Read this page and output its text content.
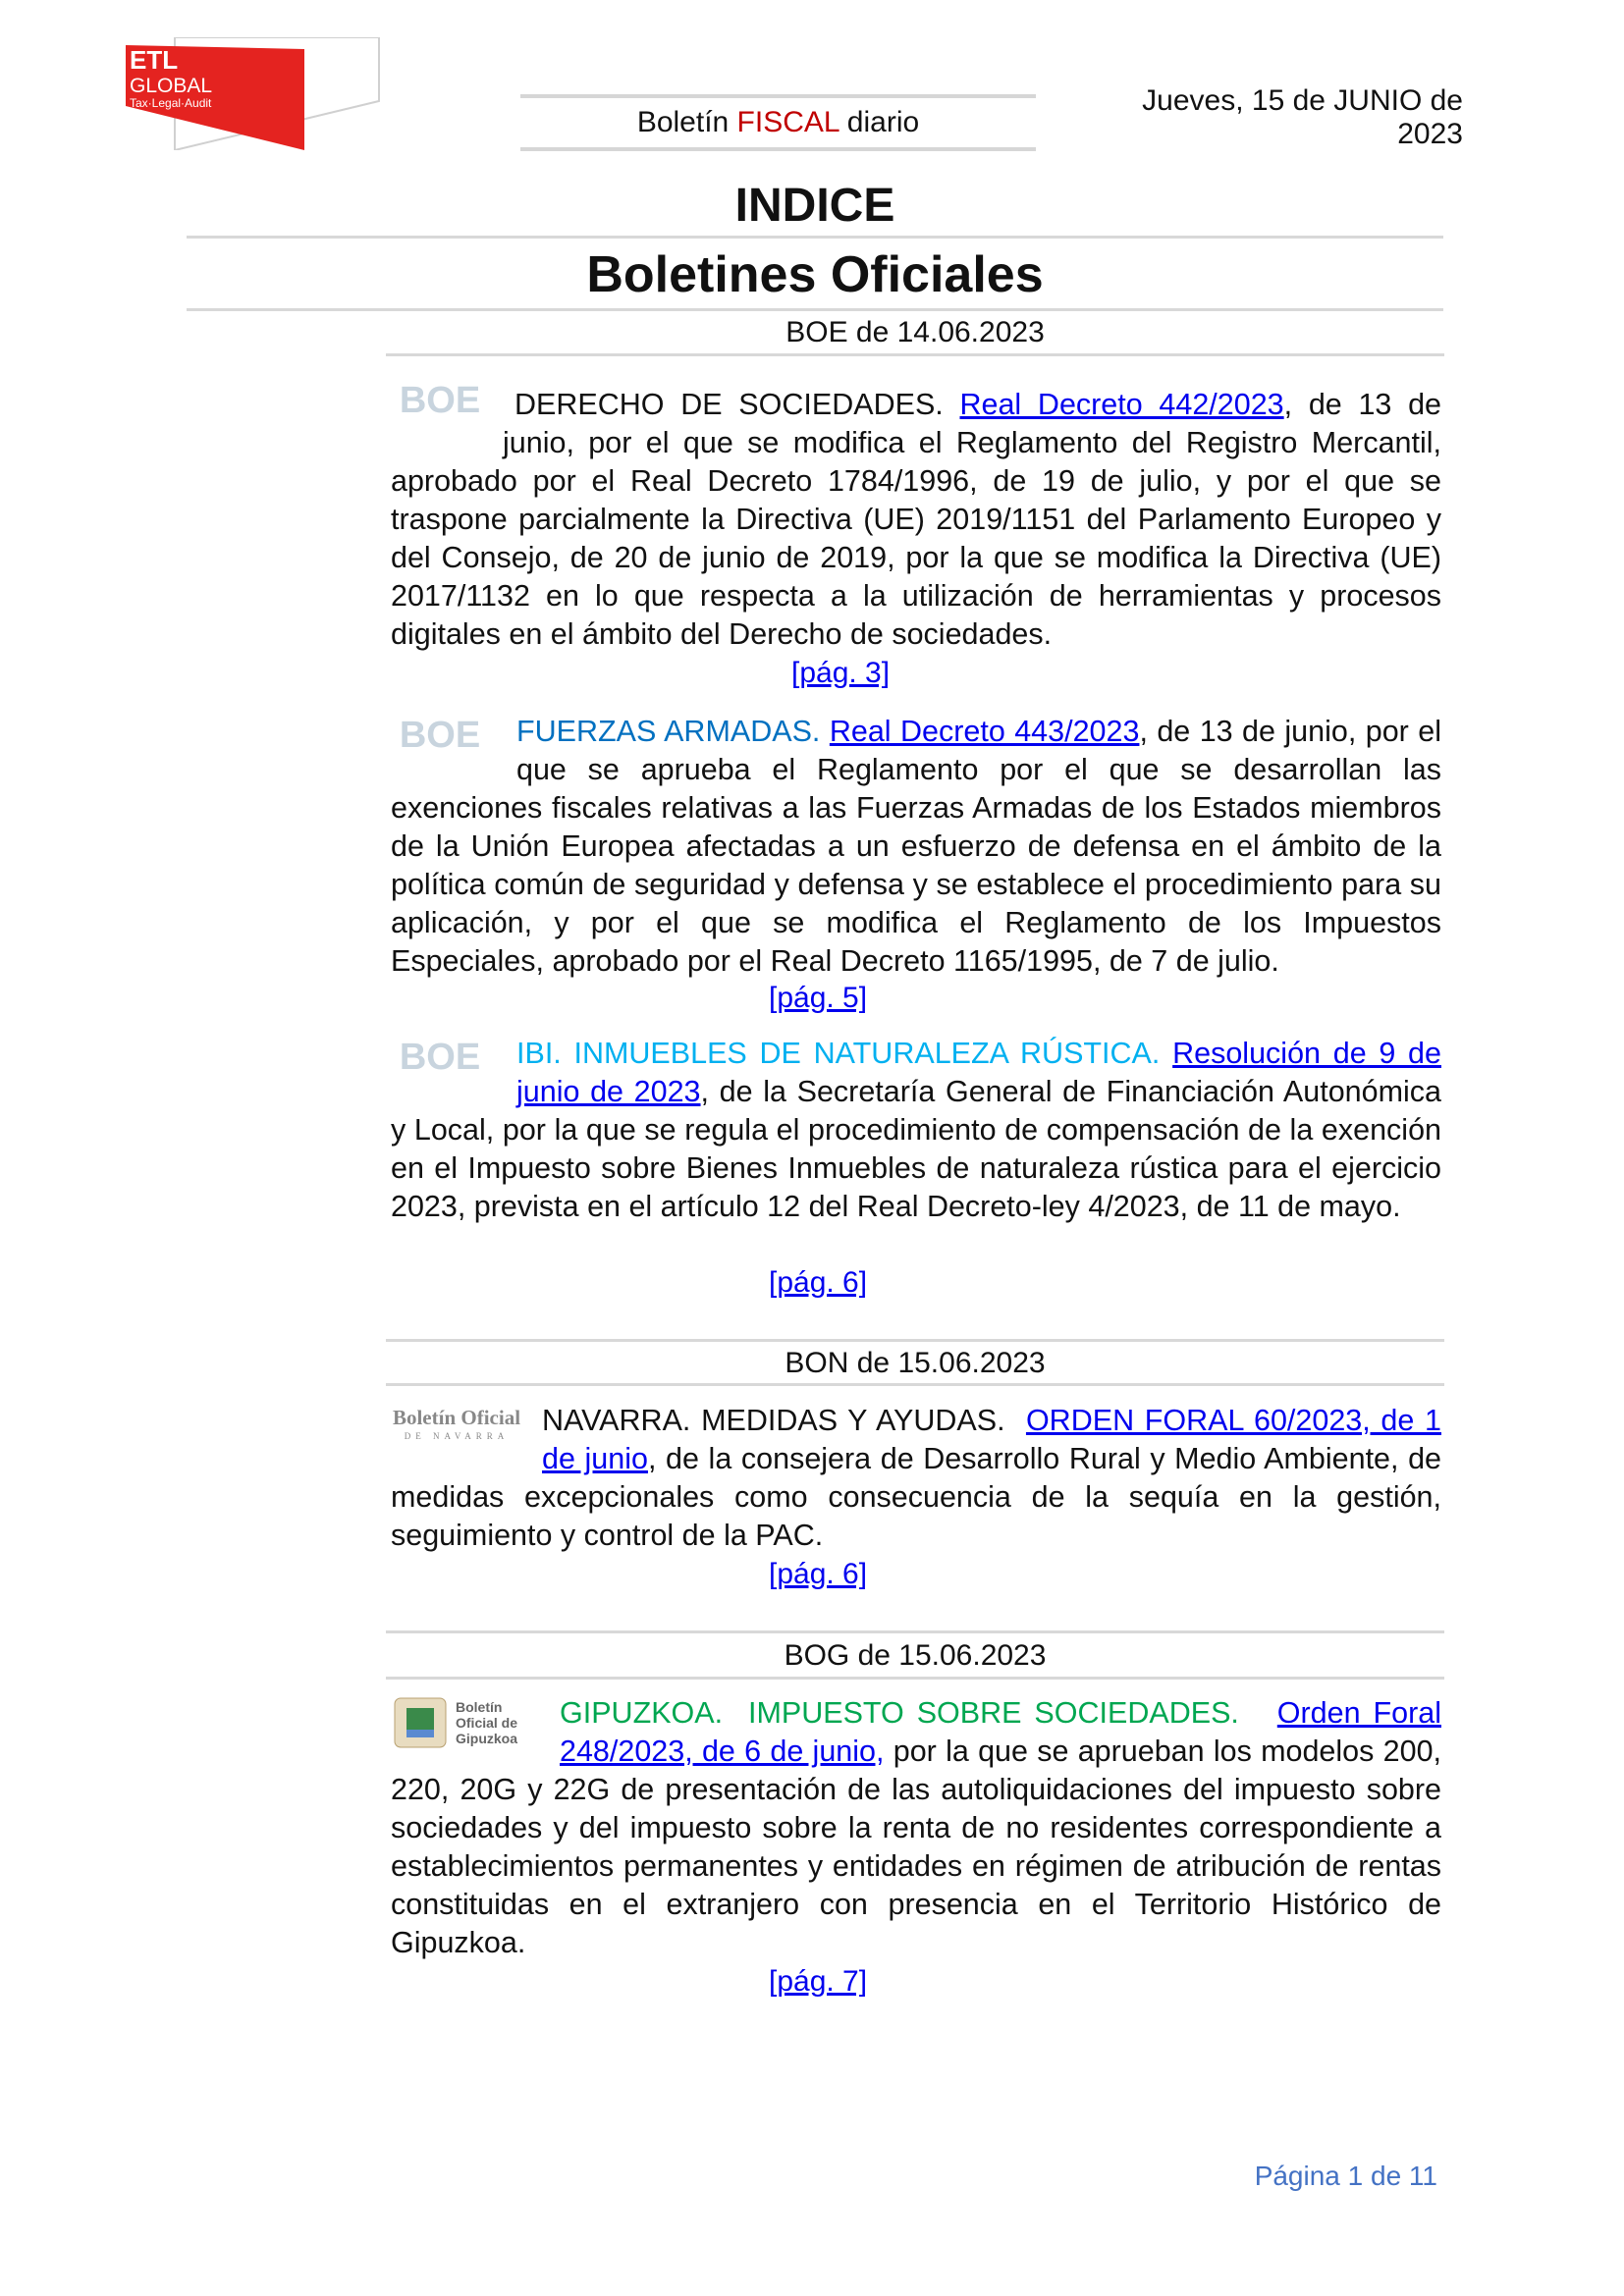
ETL
GLOBAL
Tax·Legal·Audit
Boletín FISCAL diario
Jueves, 15 de JUNIO de 2023
INDICE
Boletines Oficiales
BOE de 14.06.2023
BOE DERECHO DE SOCIEDADES. Real Decreto 442/2023, de 13 de junio, por el que se modifica el Reglamento del Registro Mercantil, aprobado por el Real Decreto 1784/1996, de 19 de julio, y por el que se traspone parcialmente la Directiva (UE) 2019/1151 del Parlamento Europeo y del Consejo, de 20 de junio de 2019, por la que se modifica la Directiva (UE) 2017/1132 en lo que respecta a la utilización de herramientas y procesos digitales en el ámbito del Derecho de sociedades.
[pág. 3]
BOE FUERZAS ARMADAS. Real Decreto 443/2023, de 13 de junio, por el que se aprueba el Reglamento por el que se desarrollan las exenciones fiscales relativas a las Fuerzas Armadas de los Estados miembros de la Unión Europea afectadas a un esfuerzo de defensa en el ámbito de la política común de seguridad y defensa y se establece el procedimiento para su aplicación, y por el que se modifica el Reglamento de los Impuestos Especiales, aprobado por el Real Decreto 1165/1995, de 7 de julio.
[pág. 5]
BOE IBI. INMUEBLES DE NATURALEZA RÚSTICA. Resolución de 9 de junio de 2023, de la Secretaría General de Financiación Autonómica y Local, por la que se regula el procedimiento de compensación de la exención en el Impuesto sobre Bienes Inmuebles de naturaleza rústica para el ejercicio 2023, prevista en el artículo 12 del Real Decreto-ley 4/2023, de 11 de mayo.
[pág. 6]
BON de 15.06.2023
Boletín Oficial
DE NAVARRA	NAVARRA. MEDIDAS Y AYUDAS. ORDEN FORAL 60/2023, de 1 de junio, de la consejera de Desarrollo Rural y Medio Ambiente, de medidas excepcionales como consecuencia de la sequía en la gestión, seguimiento y control de la PAC.
[pág. 6]
BOG de 15.06.2023
Boletín
Oficial de
Gipuzkoa
GIPUZKOA.  IMPUESTO SOBRE SOCIEDADES. Orden Foral 248/2023, de 6 de junio, por la que se aprueban los modelos 200, 220, 20G y 22G de presentación de las autoliquidaciones del impuesto sobre sociedades y del impuesto sobre la renta de no residentes correspondiente a establecimientos permanentes y entidades en régimen de atribución de rentas constituidas en el extranjero con presencia en el Territorio Histórico de Gipuzkoa.
[pág. 7]
Página 1 de 11
